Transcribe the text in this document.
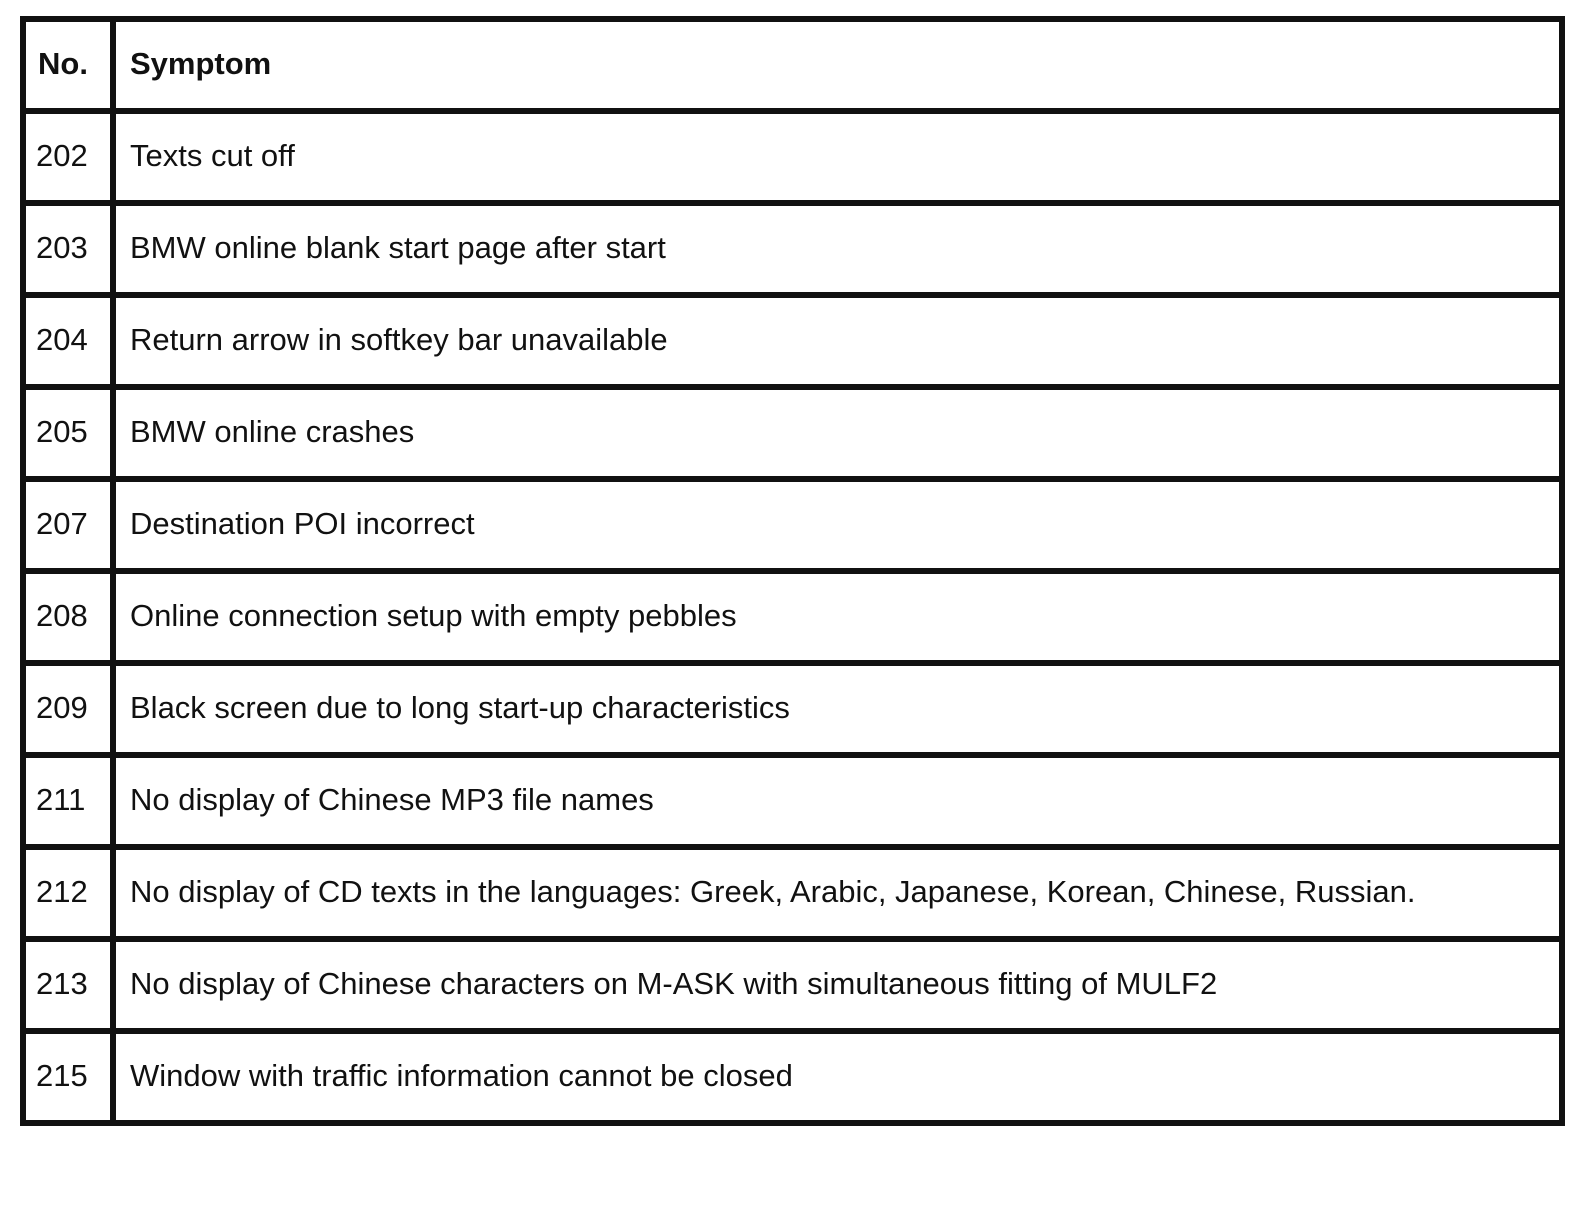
No.	Symptom
202	Texts cut off
203	BMW online blank start page after start
204	Return arrow in softkey bar unavailable
205	BMW online crashes
207	Destination POI incorrect
208	Online connection setup with empty pebbles
209	Black screen due to long start-up characteristics
211	No display of Chinese MP3 file names
212	No display of CD texts in the languages: Greek, Arabic, Japanese, Korean, Chinese, Russian.
213	No display of Chinese characters on M-ASK with simultaneous fitting of MULF2
215	Window with traffic information cannot be closed
